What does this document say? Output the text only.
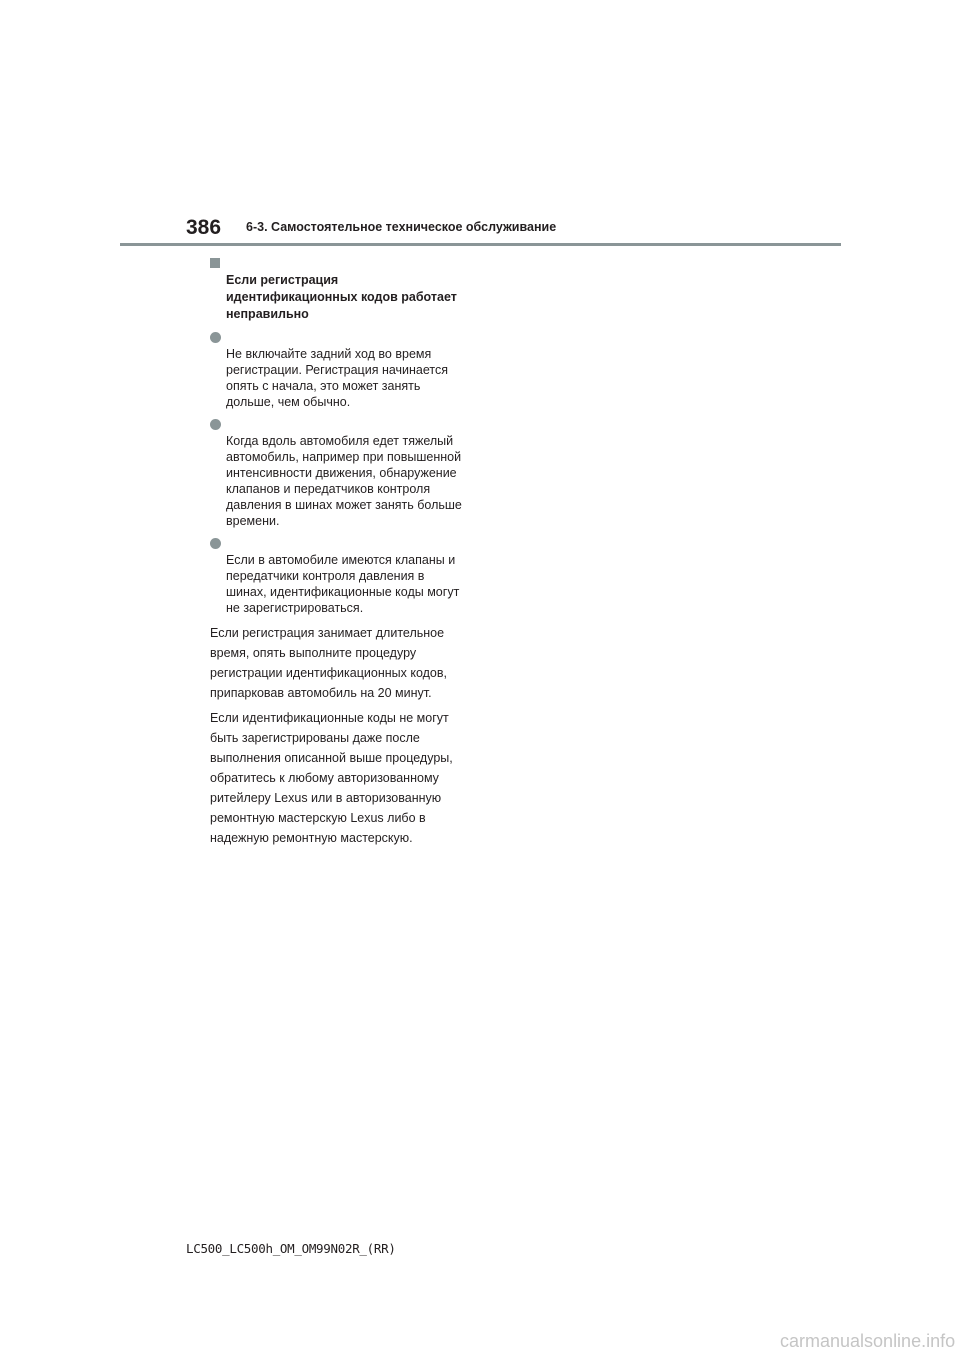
386 6-3. Самостоятельное техническое обслуживание

Если регистрация
идентификационных кодов работает
неправильно

Не включайте задний ход во время
регистрации. Регистрация начинается
опять с начала, это может занять
дольше, чем обычно.

Когда вдоль автомобиля едет тяжелый
автомобиль, например при повышенной
интенсивности движения, обнаружение
клапанов и передатчиков контроля
давления в шинах может занять больше
времени.

Если в автомобиле имеются клапаны и
передатчики контроля давления в
шинах, идентификационные коды могут
не зарегистрироваться.

Если регистрация занимает длительное
время, опять выполните процедуру
регистрации идентификационных кодов,
припарковав автомобиль на 20 минут.

Если идентификационные коды не могут
быть зарегистрированы даже после
выполнения описанной выше процедуры,
обратитесь к любому авторизованному
ритейлеру Lexus или в авторизованную
ремонтную мастерскую Lexus либо в
надежную ремонтную мастерскую.

LC500_LC500h_OM_OM99N02R_(RR)
carmanualsonline.info
